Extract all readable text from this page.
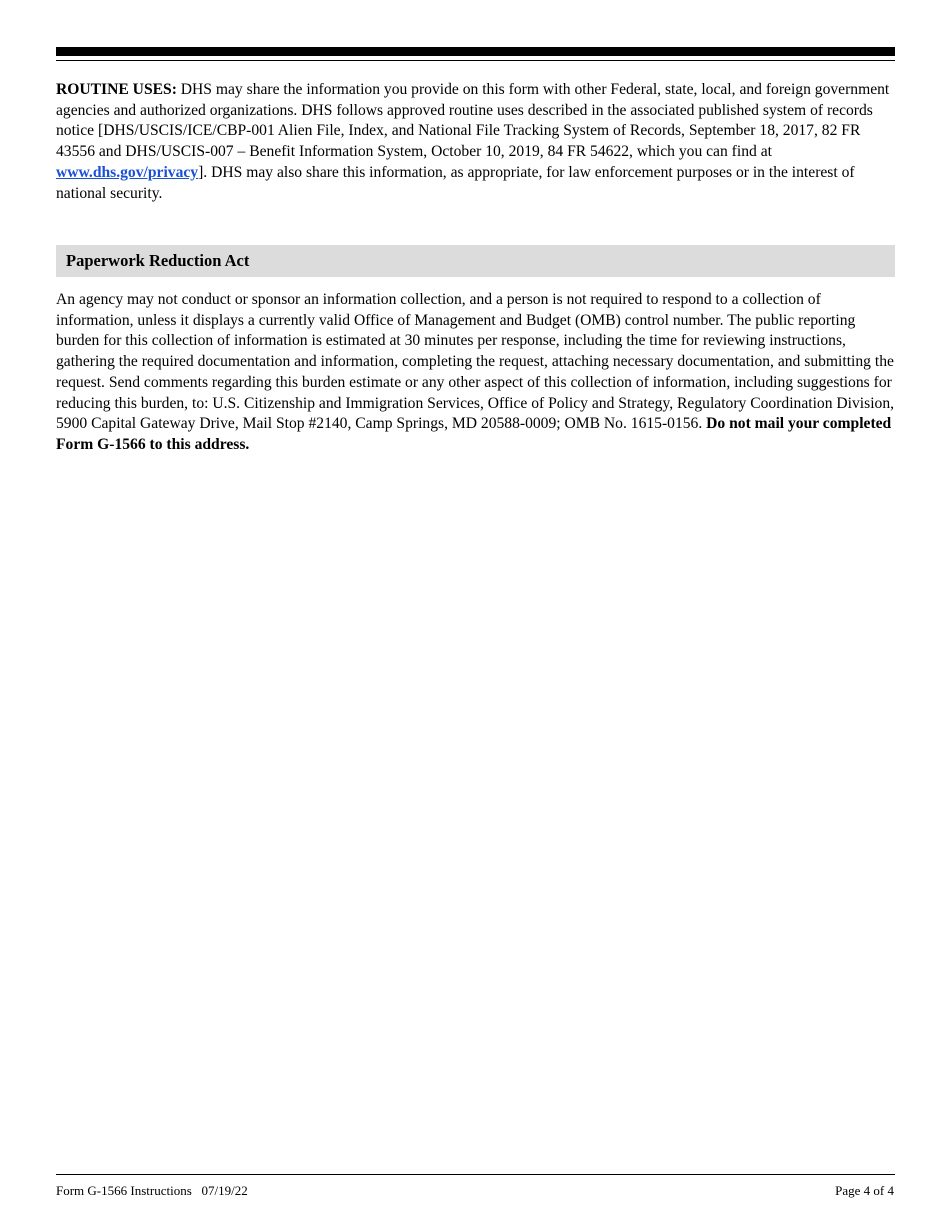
ROUTINE USES: DHS may share the information you provide on this form with other Federal, state, local, and foreign government agencies and authorized organizations. DHS follows approved routine uses described in the associated published system of records notice [DHS/USCIS/ICE/CBP-001 Alien File, Index, and National File Tracking System of Records, September 18, 2017, 82 FR 43556 and DHS/USCIS-007 – Benefit Information System, October 10, 2019, 84 FR 54622, which you can find at www.dhs.gov/privacy]. DHS may also share this information, as appropriate, for law enforcement purposes or in the interest of national security.

Paperwork Reduction Act

An agency may not conduct or sponsor an information collection, and a person is not required to respond to a collection of information, unless it displays a currently valid Office of Management and Budget (OMB) control number. The public reporting burden for this collection of information is estimated at 30 minutes per response, including the time for reviewing instructions, gathering the required documentation and information, completing the request, attaching necessary documentation, and submitting the request. Send comments regarding this burden estimate or any other aspect of this collection of information, including suggestions for reducing this burden, to: U.S. Citizenship and Immigration Services, Office of Policy and Strategy, Regulatory Coordination Division, 5900 Capital Gateway Drive, Mail Stop #2140, Camp Springs, MD 20588-0009; OMB No. 1615-0156. Do not mail your completed Form G-1566 to this address.

Form G-1566 Instructions   07/19/22	Page 4 of 4
